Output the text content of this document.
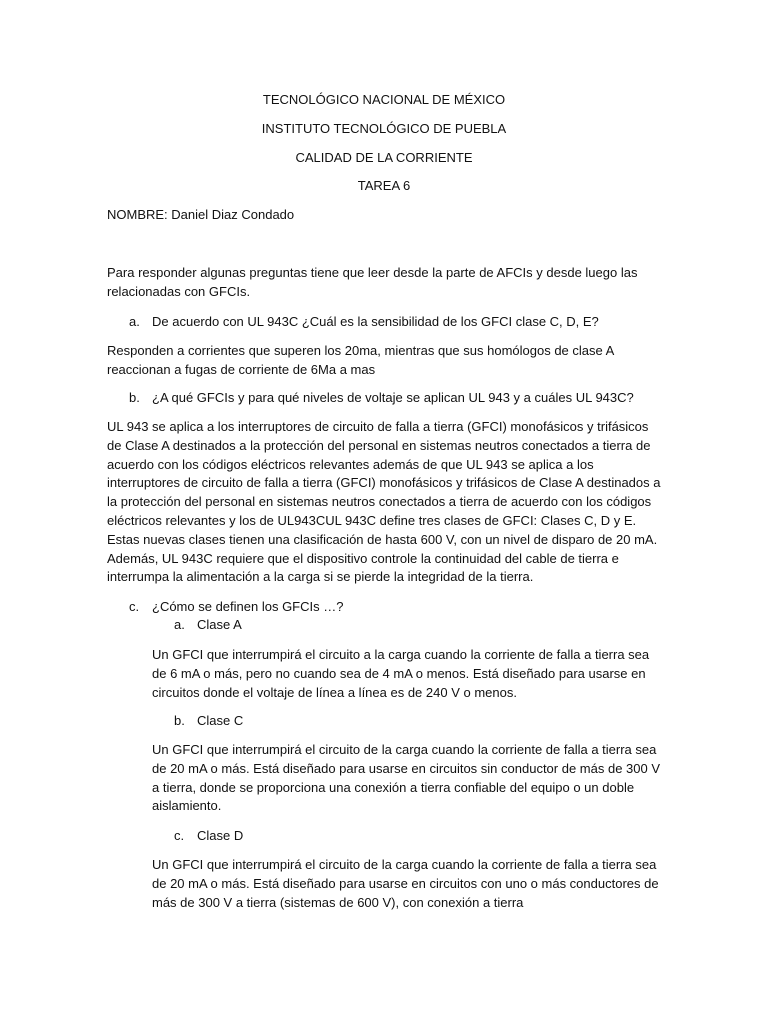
TECNOLÓGICO NACIONAL DE MÉXICO

INSTITUTO TECNOLÓGICO DE PUEBLA

CALIDAD DE LA CORRIENTE

TAREA 6

NOMBRE: Daniel Diaz Condado

Para responder algunas preguntas tiene que leer desde la parte de AFCIs y desde luego las relacionadas con GFCIs.

a. De acuerdo con UL 943C ¿Cuál es la sensibilidad de los GFCI clase C, D, E?

Responden a corrientes que superen los 20ma, mientras que sus homólogos de clase A reaccionan a fugas de corriente de 6Ma a mas

b. ¿A qué GFCIs y para qué niveles de voltaje se aplican UL 943 y a cuáles UL 943C?

UL 943 se aplica a los interruptores de circuito de falla a tierra (GFCI) monofásicos y trifásicos de Clase A destinados a la protección del personal en sistemas neutros conectados a tierra de acuerdo con los códigos eléctricos relevantes además de que UL 943 se aplica a los interruptores de circuito de falla a tierra (GFCI) monofásicos y trifásicos de Clase A destinados a la protección del personal en sistemas neutros conectados a tierra de acuerdo con los códigos eléctricos relevantes y los de UL943CUL 943C define tres clases de GFCI: Clases C, D y E. Estas nuevas clases tienen una clasificación de hasta 600 V, con un nivel de disparo de 20 mA. Además, UL 943C requiere que el dispositivo controle la continuidad del cable de tierra e interrumpa la alimentación a la carga si se pierde la integridad de la tierra.

c. ¿Cómo se definen los GFCIs …?
a. Clase A

Un GFCI que interrumpirá el circuito a la carga cuando la corriente de falla a tierra sea de 6 mA o más, pero no cuando sea de 4 mA o menos. Está diseñado para usarse en circuitos donde el voltaje de línea a línea es de 240 V o menos.

b. Clase C

Un GFCI que interrumpirá el circuito de la carga cuando la corriente de falla a tierra sea de 20 mA o más. Está diseñado para usarse en circuitos sin conductor de más de 300 V a tierra, donde se proporciona una conexión a tierra confiable del equipo o un doble aislamiento.

c. Clase D

Un GFCI que interrumpirá el circuito de la carga cuando la corriente de falla a tierra sea de 20 mA o más. Está diseñado para usarse en circuitos con uno o más conductores de más de 300 V a tierra (sistemas de 600 V), con conexión a tierra
